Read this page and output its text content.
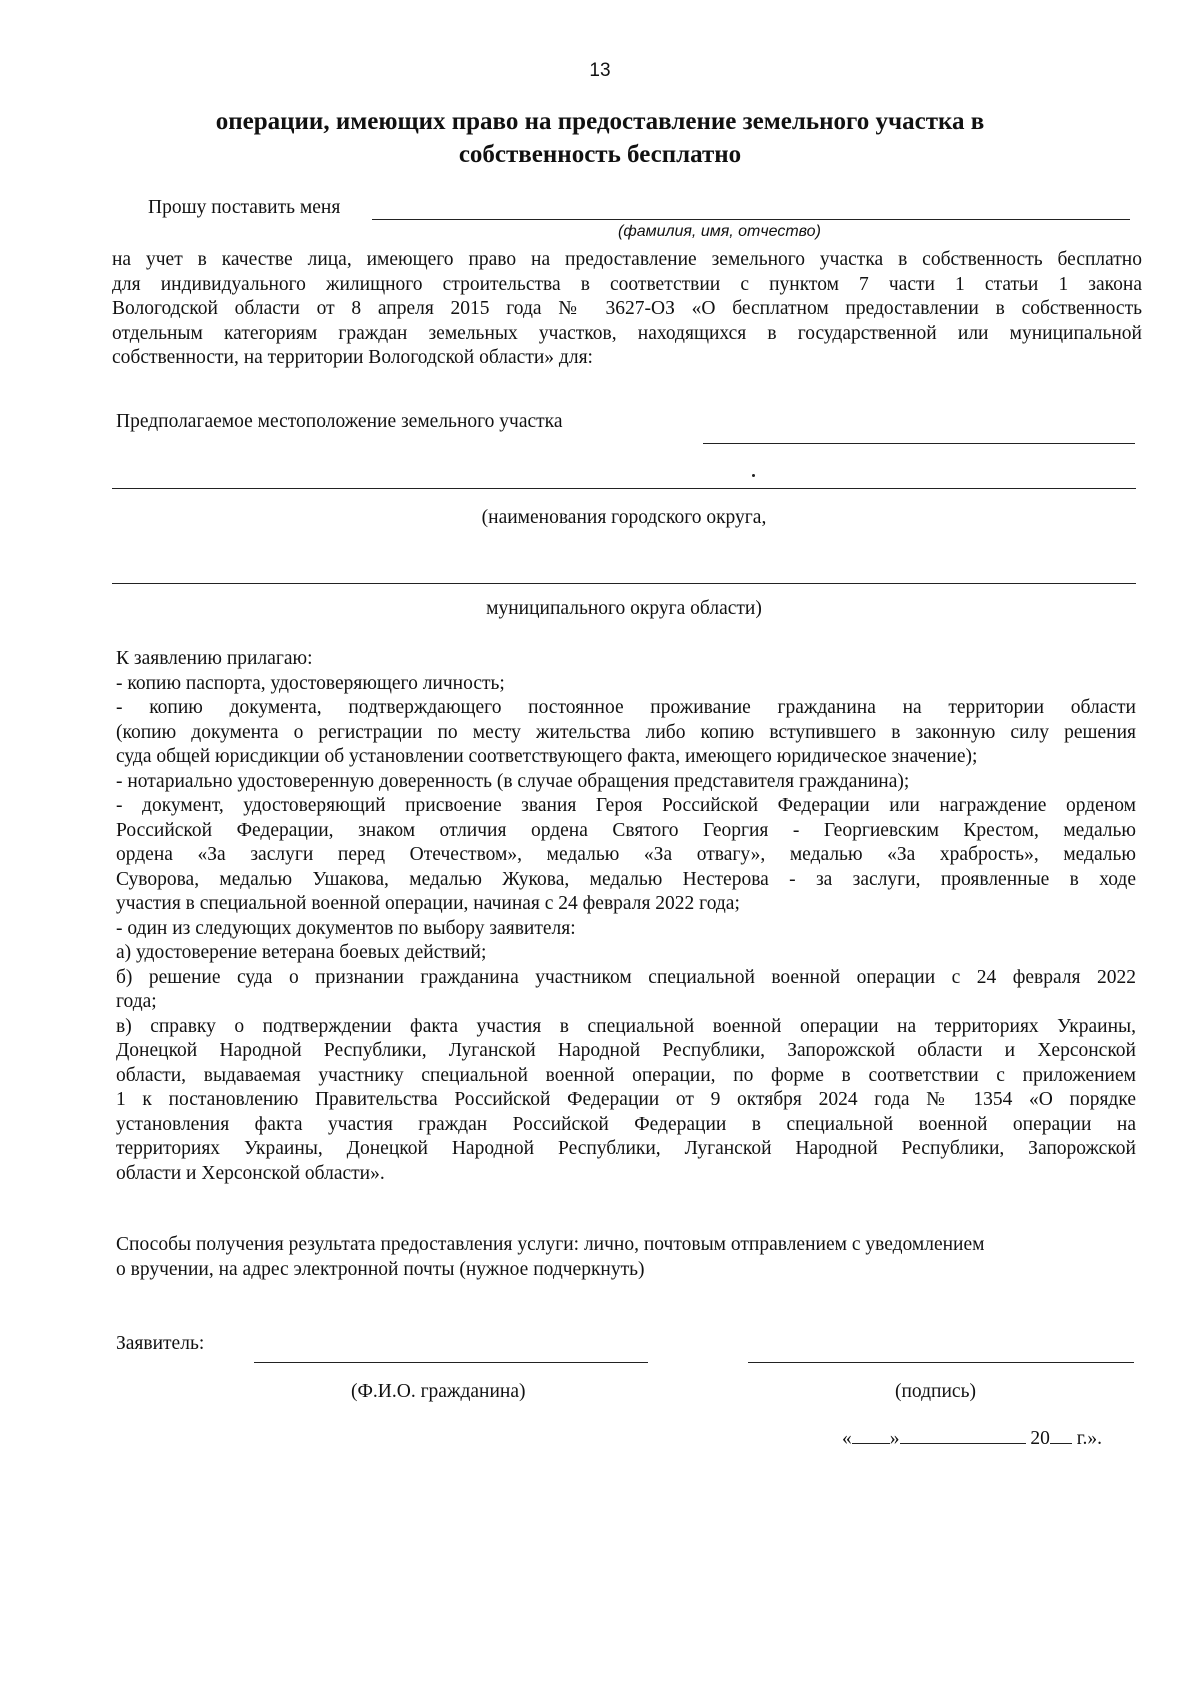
13
операции, имеющих право на предоставление земельного участка в
собственность бесплатно
Прошу поставить меня
(фамилия, имя, отчество)
на учет в качестве лица, имеющего право на предоставление земельного участка в собственность бесплатно
для индивидуального жилищного строительства в соответствии с пунктом 7 части 1 статьи 1 закона
Вологодской области от 8 апреля 2015 года № 3627-ОЗ «О бесплатном предоставлении в собственность
отдельным категориям граждан земельных участков, находящихся в государственной или муниципальной
собственности, на территории Вологодской области» для:
Предполагаемое местоположение земельного участка
(наименования городского округа,
муниципального округа области)
К заявлению прилагаю:
- копию паспорта, удостоверяющего личность;
- копию документа, подтверждающего постоянное проживание гражданина на территории области
(копию документа о регистрации по месту жительства либо копию вступившего в законную силу решения
суда общей юрисдикции об установлении соответствующего факта, имеющего юридическое значение);
- нотариально удостоверенную доверенность (в случае обращения представителя гражданина);
- документ, удостоверяющий присвоение звания Героя Российской Федерации или награждение орденом
Российской Федерации, знаком отличия ордена Святого Георгия - Георгиевским Крестом, медалью
ордена «За заслуги перед Отечеством», медалью «За отвагу», медалью «За храбрость», медалью
Суворова, медалью Ушакова, медалью Жукова, медалью Нестерова - за заслуги, проявленные в ходе
участия в специальной военной операции, начиная с 24 февраля 2022 года;
- один из следующих документов по выбору заявителя:
а) удостоверение ветерана боевых действий;
б) решение суда о признании гражданина участником специальной военной операции с 24 февраля 2022
года;
в) справку о подтверждении факта участия в специальной военной операции на территориях Украины,
Донецкой Народной Республики, Луганской Народной Республики, Запорожской области и Херсонской
области, выдаваемая участнику специальной военной операции, по форме в соответствии с приложением
1 к постановлению Правительства Российской Федерации от 9 октября 2024 года № 1354 «О порядке
установления факта участия граждан Российской Федерации в специальной военной операции на
территориях Украины, Донецкой Народной Республики, Луганской Народной Республики, Запорожской
области и Херсонской области».
Способы получения результата предоставления услуги: лично, почтовым отправлением с уведомлением
о вручении, на адрес электронной почты (нужное подчеркнуть)
Заявитель:
(Ф.И.О. гражданина)	(подпись)
« »	20 г.».
